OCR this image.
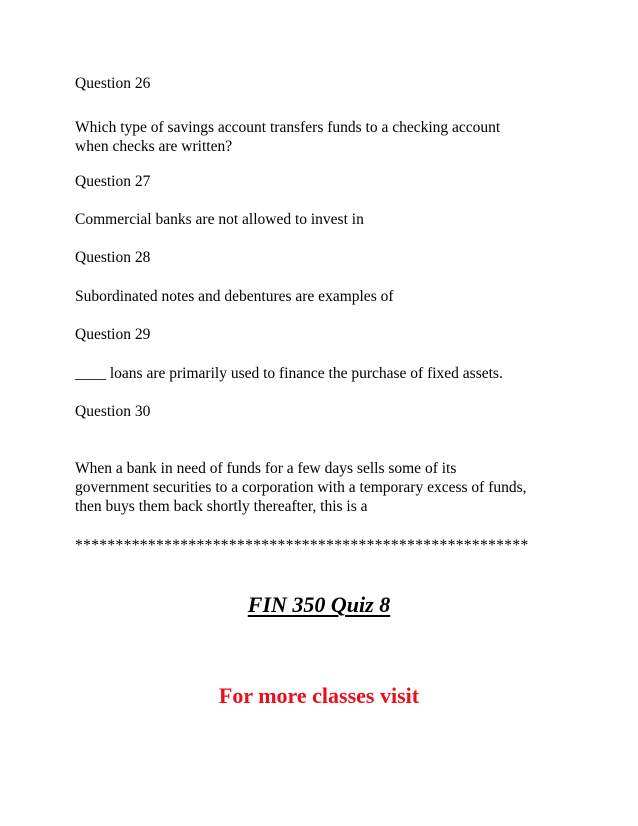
Question 26

Which type of savings account transfers funds to a checking account

when checks are written?

Question 27

Commercial banks are not allowed to invest in

Question 28

Subordinated notes and debentures are examples of

Question 29

____ loans are primarily used to finance the purchase of fixed assets.

Question 30

When a bank in need of funds for a few days sells some of its

government securities to a corporation with a temporary excess of funds,

then buys them back shortly thereafter, this is a

********************************************************

FIN 350 Quiz 8

For more classes visit
